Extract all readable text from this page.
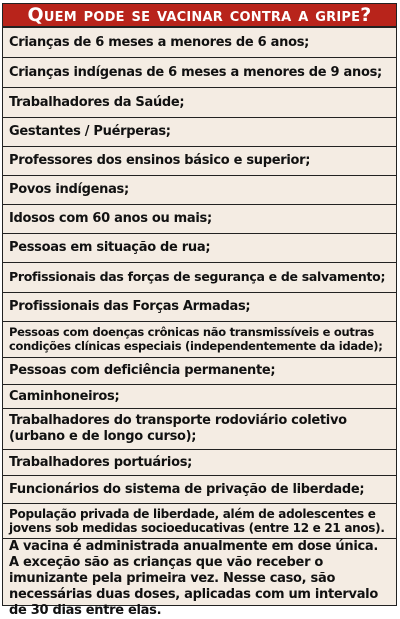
Quem pode se vacinar contra a gripe?
Crianças de 6 meses a menores de 6 anos;
Crianças indígenas de 6 meses a menores de 9 anos;
Trabalhadores da Saúde;
Gestantes / Puérperas;
Professores dos ensinos básico e superior;
Povos indígenas;
Idosos com 60 anos ou mais;
Pessoas em situação de rua;
Profissionais das forças de segurança e de salvamento;
Profissionais das Forças Armadas;
Pessoas com doenças crônicas não transmissíveis e outras condições clínicas especiais (independentemente da idade);
Pessoas com deficiência permanente;
Caminhoneiros;
Trabalhadores do transporte rodoviário coletivo (urbano e de longo curso);
Trabalhadores portuários;
Funcionários do sistema de privação de liberdade;
População privada de liberdade, além de adolescentes e jovens sob medidas socioeducativas (entre 12 e 21 anos).
A vacina é administrada anualmente em dose única. A exceção são as crianças que vão receber o imunizante pela primeira vez. Nesse caso, são necessárias duas doses, aplicadas com um intervalo de 30 dias entre elas.
